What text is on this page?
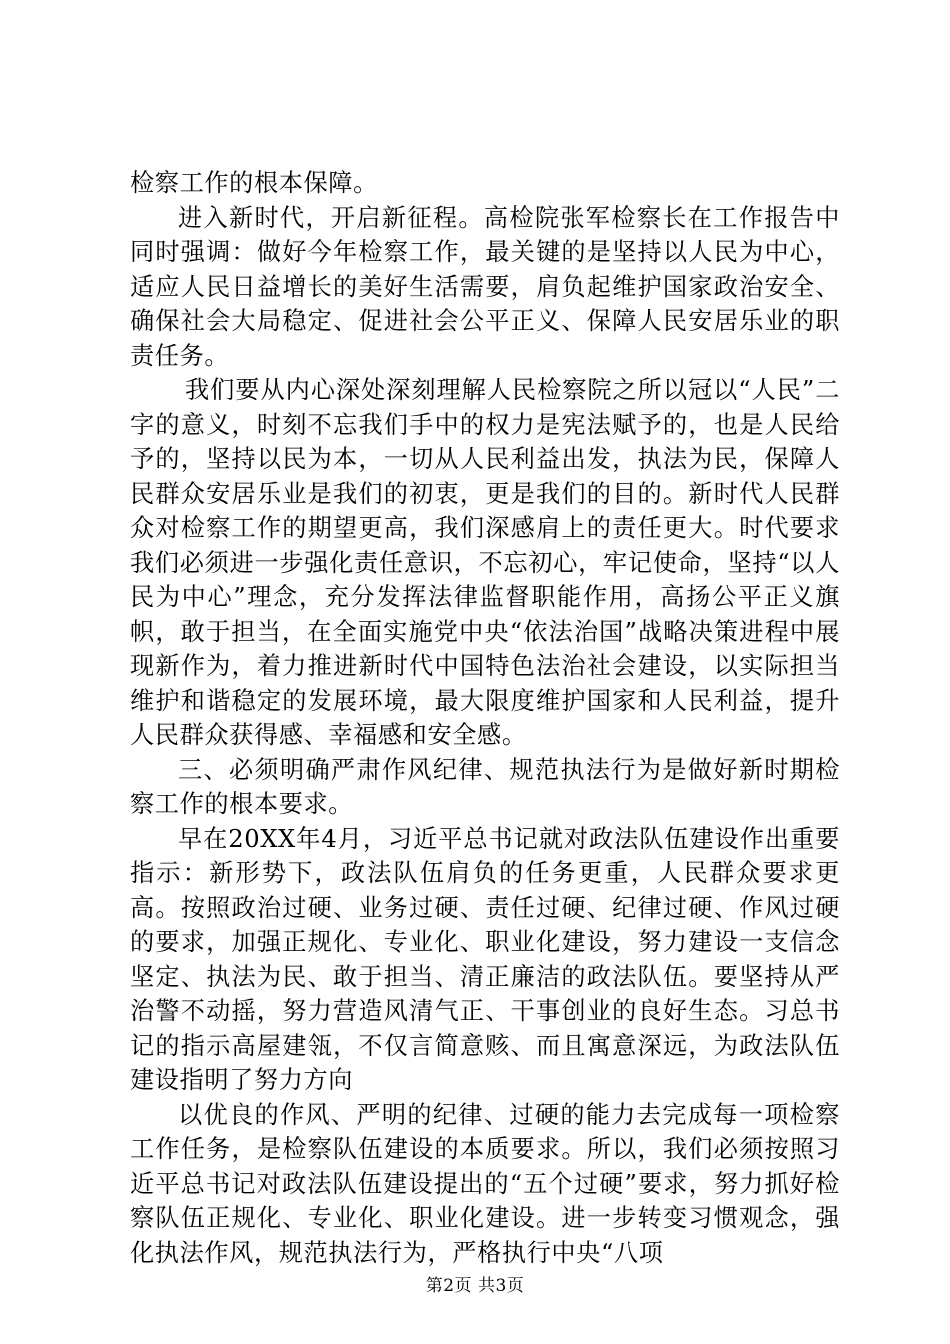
检察工作的根本保障。

进入新时代，开启新征程。高检院张军检察长在工作报告中同时强调：做好今年检察工作，最关键的是坚持以人民为中心，适应人民日益增长的美好生活需要，肩负起维护国家政治安全、确保社会大局稳定、促进社会公平正义、保障人民安居乐业的职责任务。

我们要从内心深处深刻理解人民检察院之所以冠以“人民”二字的意义，时刻不忘我们手中的权力是宪法赋予的，也是人民给予的，坚持以民为本，一切从人民利益出发，执法为民，保障人民群众安居乐业是我们的初衷，更是我们的目的。新时代人民群众对检察工作的期望更高，我们深感肩上的责任更大。时代要求我们必须进一步强化责任意识，不忘初心，牢记使命，坚持“以人民为中心”理念，充分发挥法律监督职能作用，高扬公平正义旗帜，敢于担当，在全面实施党中央“依法治国”战略决策进程中展现新作为，着力推进新时代中国特色法治社会建设，以实际担当维护和谐稳定的发展环境，最大限度维护国家和人民利益，提升人民群众获得感、幸福感和安全感。

三、必须明确严肃作风纪律、规范执法行为是做好新时期检察工作的根本要求。

早在20XX年4月，习近平总书记就对政法队伍建设作出重要指示：新形势下，政法队伍肩负的任务更重，人民群众要求更高。按照政治过硬、业务过硬、责任过硬、纪律过硬、作风过硬的要求，加强正规化、专业化、职业化建设，努力建设一支信念坚定、执法为民、敢于担当、清正廉洁的政法队伍。要坚持从严治警不动摇，努力营造风清气正、干事创业的良好生态。习总书记的指示高屋建瓴，不仅言简意赅、而且寓意深远，为政法队伍建设指明了努力方向

以优良的作风、严明的纪律、过硬的能力去完成每一项检察工作任务，是检察队伍建设的本质要求。所以，我们必须按照习近平总书记对政法队伍建设提出的“五个过硬”要求，努力抓好检察队伍正规化、专业化、职业化建设。进一步转变习惯观念，强化执法作风，规范执法行为，严格执行中央“八项

第2页 共3页
